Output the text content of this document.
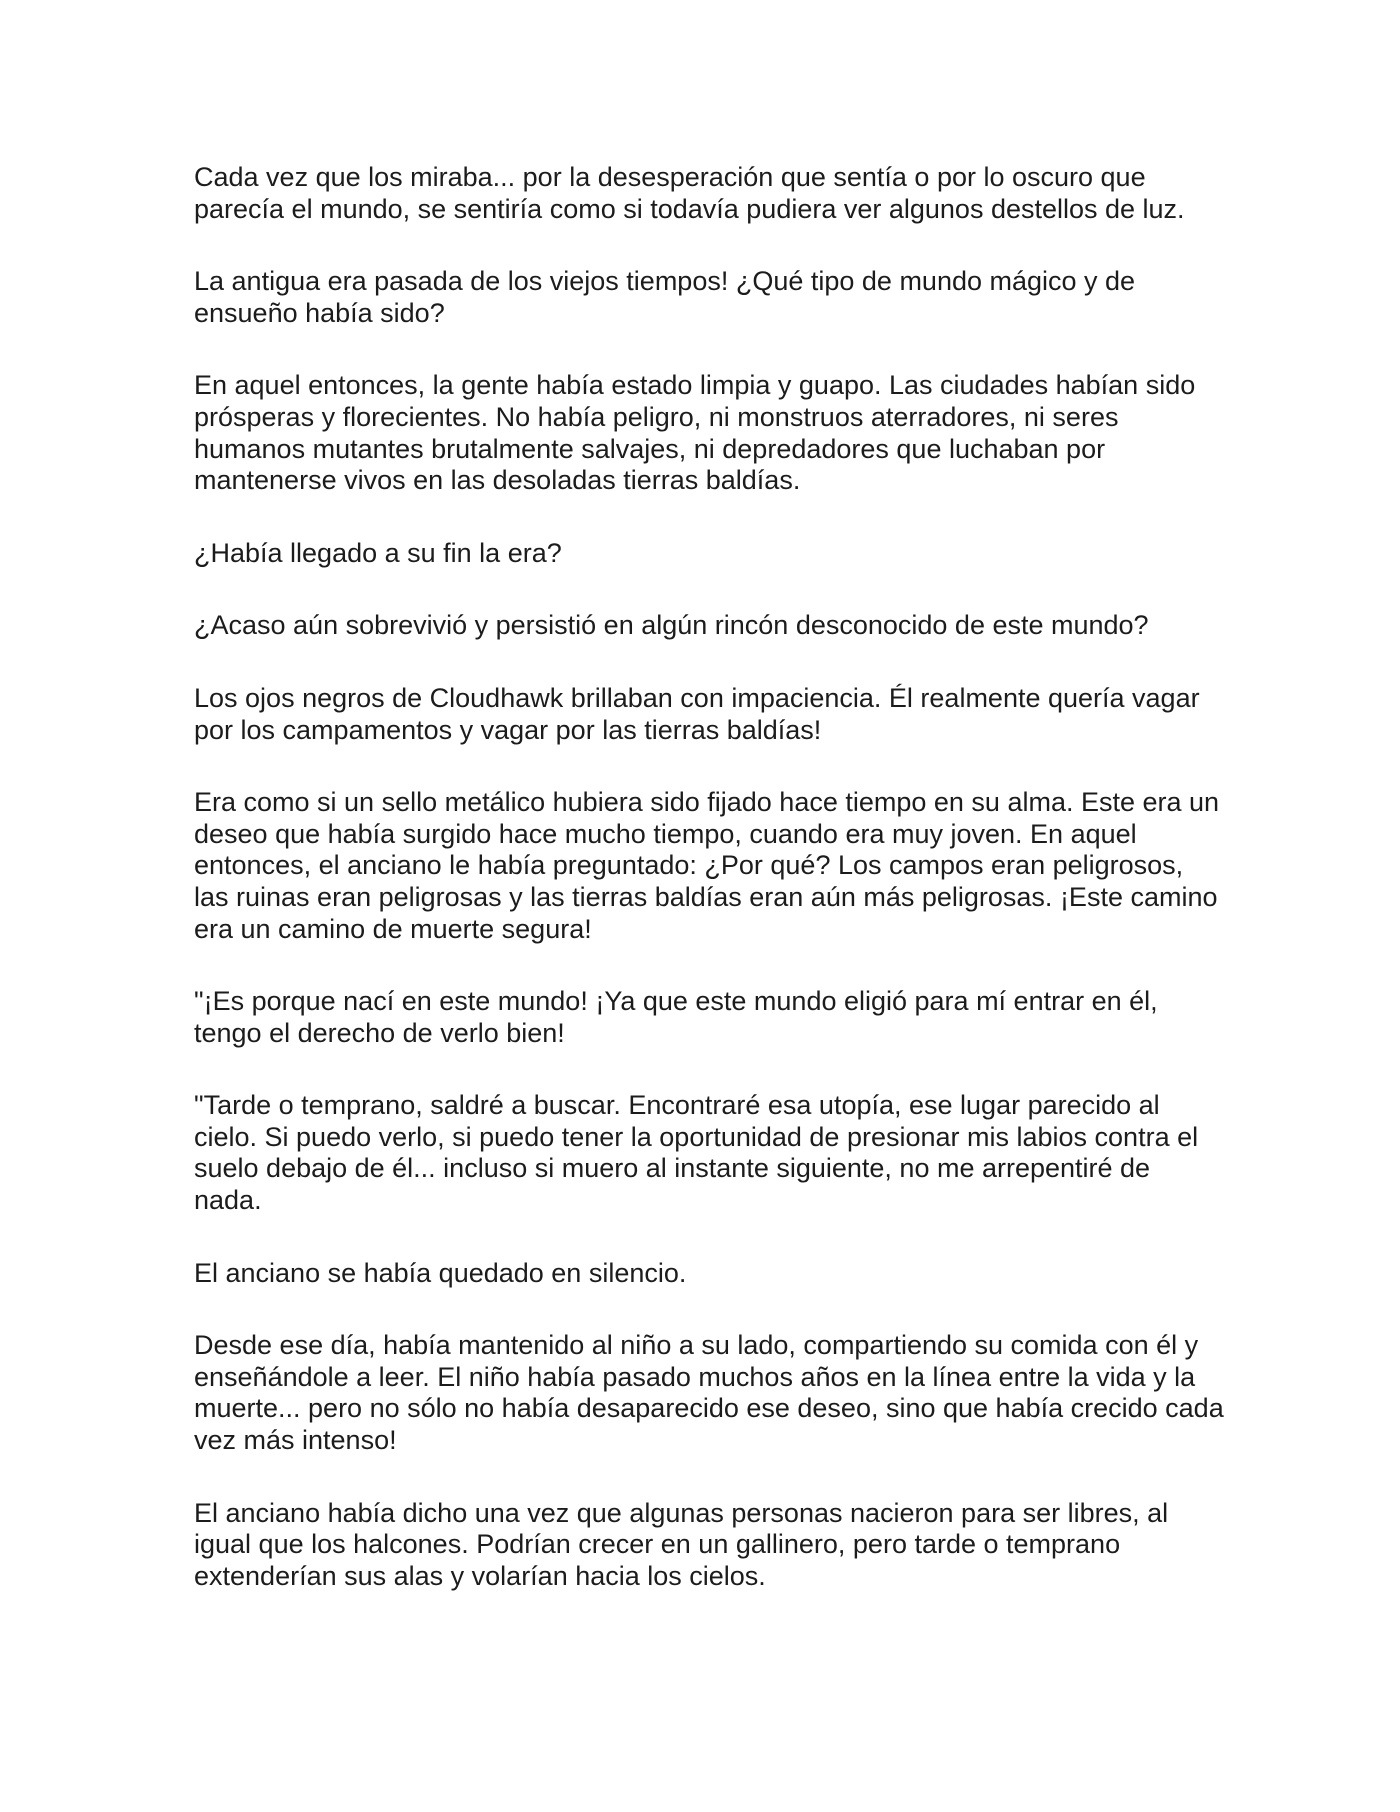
Cada vez que los miraba... por la desesperación que sentía o por lo oscuro que parecía el mundo, se sentiría como si todavía pudiera ver algunos destellos de luz.

La antigua era pasada de los viejos tiempos! ¿Qué tipo de mundo mágico y de ensueño había sido?

En aquel entonces, la gente había estado limpia y guapo. Las ciudades habían sido prósperas y florecientes. No había peligro, ni monstruos aterradores, ni seres humanos mutantes brutalmente salvajes, ni depredadores que luchaban por mantenerse vivos en las desoladas tierras baldías.

¿Había llegado a su fin la era?

¿Acaso aún sobrevivió y persistió en algún rincón desconocido de este mundo?

Los ojos negros de Cloudhawk brillaban con impaciencia. Él realmente quería vagar por los campamentos y vagar por las tierras baldías!

Era como si un sello metálico hubiera sido fijado hace tiempo en su alma. Este era un deseo que había surgido hace mucho tiempo, cuando era muy joven. En aquel entonces, el anciano le había preguntado: ¿Por qué? Los campos eran peligrosos, las ruinas eran peligrosas y las tierras baldías eran aún más peligrosas. ¡Este camino era un camino de muerte segura!

"¡Es porque nací en este mundo! ¡Ya que este mundo eligió para mí entrar en él, tengo el derecho de verlo bien!

"Tarde o temprano, saldré a buscar. Encontraré esa utopía, ese lugar parecido al cielo. Si puedo verlo, si puedo tener la oportunidad de presionar mis labios contra el suelo debajo de él... incluso si muero al instante siguiente, no me arrepentiré de nada.

El anciano se había quedado en silencio.

Desde ese día, había mantenido al niño a su lado, compartiendo su comida con él y enseñándole a leer. El niño había pasado muchos años en la línea entre la vida y la muerte... pero no sólo no había desaparecido ese deseo, sino que había crecido cada vez más intenso!

El anciano había dicho una vez que algunas personas nacieron para ser libres, al igual que los halcones. Podrían crecer en un gallinero, pero tarde o temprano extenderían sus alas y volarían hacia los cielos.
